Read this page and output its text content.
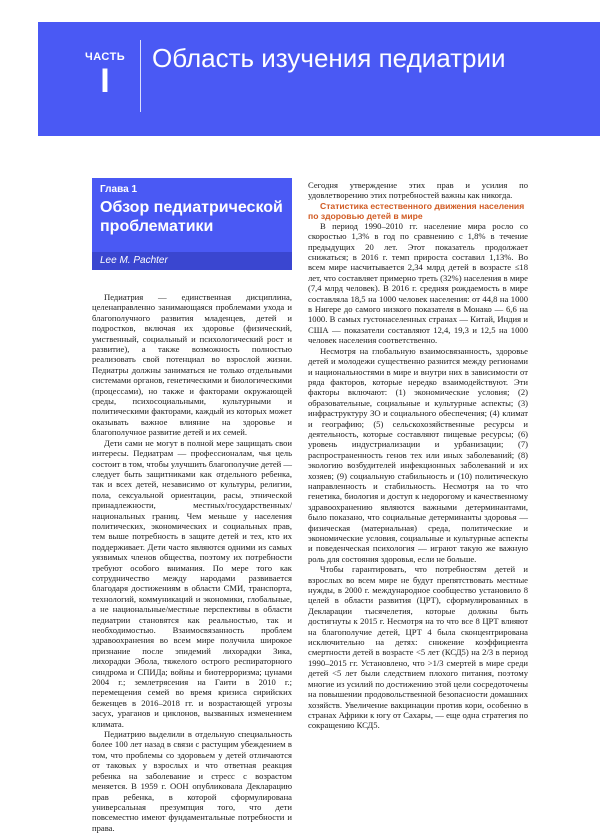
ЧАСТЬ
I
Область изучения педиатрии
Глава 1
Обзор педиатрической проблематики
Lee M. Pachter

Педиатрия — единственная дисциплина, целенаправленно занимающаяся проблемами ухода и благополучного развития младенцев, детей и подростков, включая их здоровье (физический, умственный, социальный и психологический рост и развитие), а также возможность полностью реализовать свой потенциал во взрослой жизни. Педиатры должны заниматься не только отдельными системами органов, генетическими и биологическими (процессами), но также и факторами окружающей среды, психосоциальными, культурными и политическими факторами, каждый из которых может оказывать важное влияние на здоровье и благополучное развитие детей и их семей.

Дети сами не могут в полной мере защищать свои интересы. Педиатрам — профессионалам, чья цель состоит в том, чтобы улучшить благополучие детей — следует быть защитниками как отдельного ребенка, так и всех детей, независимо от культуры, религии, пола, сексуальной ориентации, расы, этнической принадлежности, местных/государственных/национальных границ. Чем меньше у населения политических, экономических и социальных прав, тем выше потребность в защите детей и тех, кто их поддерживает. Дети часто являются одними из самых уязвимых членов общества, поэтому их потребности требуют особого внимания. По мере того как сотрудничество между народами развивается благодаря достижениям в области СМИ, транспорта, технологий, коммуникаций и экономики, глобальные, а не национальные/местные перспективы в области педиатрии становятся как реальностью, так и необходимостью. Взаимосвязанность проблем здравоохранения во всем мире получила широкое признание после эпидемий лихорадки Зика, лихорадки Эбола, тяжелого острого респираторного синдрома и СПИДа; войны и биотерроризма; цунами 2004 г.; землетрясения на Гаити в 2010 г.; перемещения семей во время кризиса сирийских беженцев в 2016–2018 гг. и возрастающей угрозы засух, ураганов и циклонов, вызванных изменением климата.

Педиатрию выделили в отдельную специальность более 100 лет назад в связи с растущим убеждением в том, что проблемы со здоровьем у детей отличаются от таковых у взрослых и что ответная реакция ребенка на заболевание и стресс с возрастом меняется. В 1959 г. ООН опубликовала Декларацию прав ребенка, в которой сформулирована универсальная презумпция того, что дети повсеместно имеют фундаментальные потребности и права.

Сегодня утверждение этих прав и усилия по удовлетворению этих потребностей важны как никогда.

Статистика естественного движения населения по здоровью детей в мире

В период 1990–2010 гг. население мира росло со скоростью 1,3% в год по сравнению с 1,8% в течение предыдущих 20 лет. Этот показатель продолжает снижаться; в 2016 г. темп прироста составил 1,13%. Во всем мире насчитывается 2,34 млрд детей в возрасте ≤18 лет, что составляет примерно треть (32%) населения в мире (7,4 млрд человек). В 2016 г. средняя рождаемость в мире составляла 18,5 на 1000 человек населения: от 44,8 на 1000 в Нигере до самого низкого показателя в Монако — 6,6 на 1000. В самых густонаселенных странах — Китай, Индия и США — показатели составляют 12,4, 19,3 и 12,5 на 1000 человек населения соответственно.

Несмотря на глобальную взаимосвязанность, здоровье детей и молодежи существенно разнится между регионами и национальностями в мире и внутри них в зависимости от ряда факторов, которые нередко взаимодействуют. Эти факторы включают: (1) экономические условия; (2) образовательные, социальные и культурные аспекты; (3) инфраструктуру ЗО и социального обеспечения; (4) климат и географию; (5) сельскохозяйственные ресурсы и деятельность, которые составляют пищевые ресурсы; (6) уровень индустриализации и урбанизации; (7) распространенность генов тех или иных заболеваний; (8) экологию возбудителей инфекционных заболеваний и их хозяев; (9) социальную стабильность и (10) политическую направленность и стабильность. Несмотря на то что генетика, биология и доступ к недорогому и качественному здравоохранению являются важными детерминантами, было показано, что социальные детерминанты здоровья — физическая (материальная) среда, политические и экономические условия, социальные и культурные аспекты и поведенческая психология — играют такую же важную роль для состояния здоровья, если не больше.

Чтобы гарантировать, что потребностям детей и взрослых во всем мире не будут препятствовать местные нужды, в 2000 г. международное сообщество установило 8 целей в области развития (ЦРТ), сформулированных в Декларации тысячелетия, которые должны быть достигнуты к 2015 г. Несмотря на то что все 8 ЦРТ влияют на благополучие детей, ЦРТ 4 была сконцентрирована исключительно на детях: снижение коэффициента смертности детей в возрасте <5 лет (КСД5) на 2/3 в период 1990–2015 гг. Установлено, что >1/3 смертей в мире среди детей <5 лет были следствием плохого питания, поэтому многие из усилий по достижению этой цели сосредоточены на повышении продовольственной безопасности домашних хозяйств. Увеличение вакцинации против кори, особенно в странах Африки к югу от Сахары, — еще одна стратегия по сокращению КСД5.
